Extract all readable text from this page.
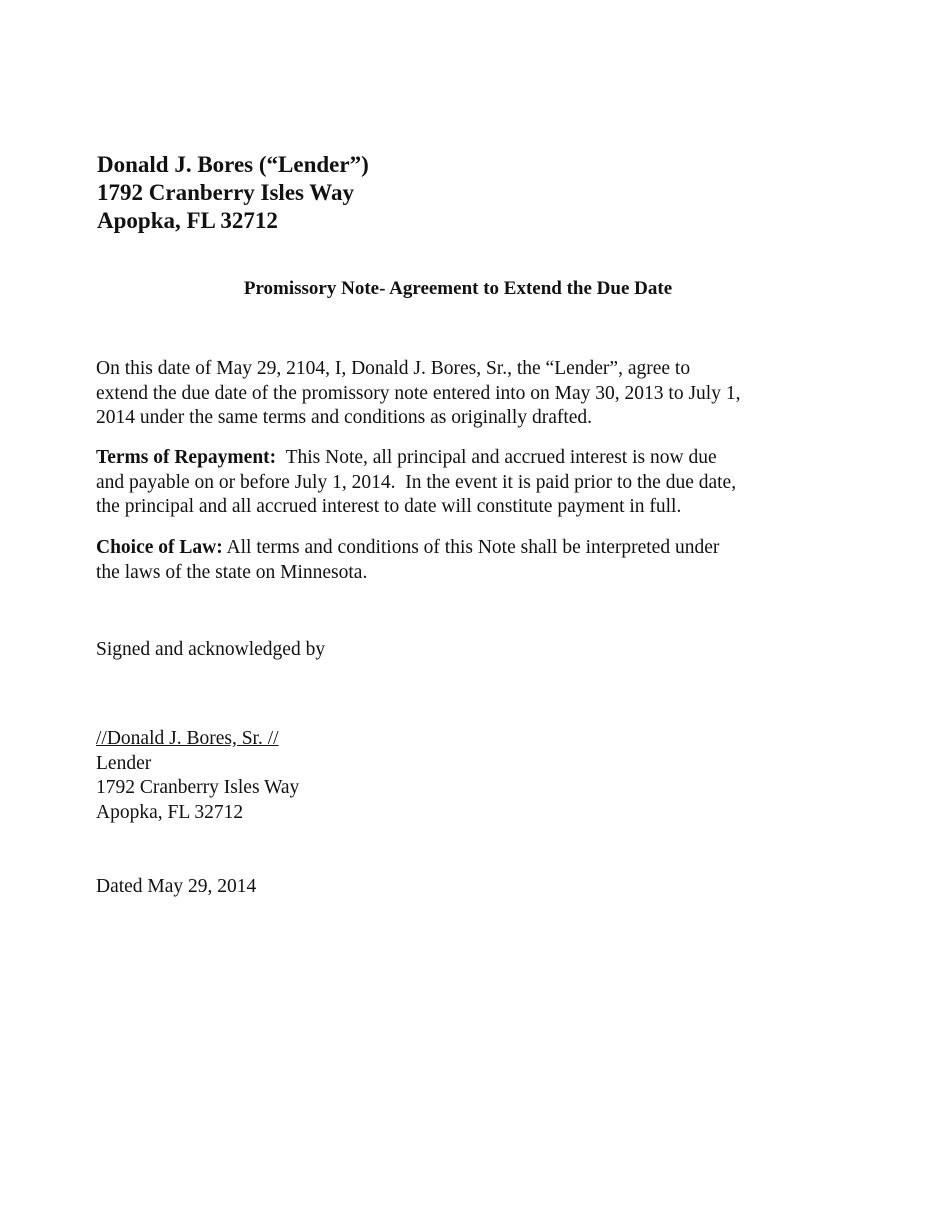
Donald J. Bores (“Lender”)
1792 Cranberry Isles Way
Apopka, FL 32712
Promissory Note- Agreement to Extend the Due Date
On this date of May 29, 2104, I, Donald J. Bores, Sr., the “Lender”, agree to
extend the due date of the promissory note entered into on May 30, 2013 to July 1,
2014 under the same terms and conditions as originally drafted.
Terms of Repayment:  This Note, all principal and accrued interest is now due
and payable on or before July 1, 2014.  In the event it is paid prior to the due date,
the principal and all accrued interest to date will constitute payment in full.
Choice of Law: All terms and conditions of this Note shall be interpreted under
the laws of the state on Minnesota.
Signed and acknowledged by
//Donald J. Bores, Sr. //
Lender
1792 Cranberry Isles Way
Apopka, FL 32712
Dated May 29, 2014
